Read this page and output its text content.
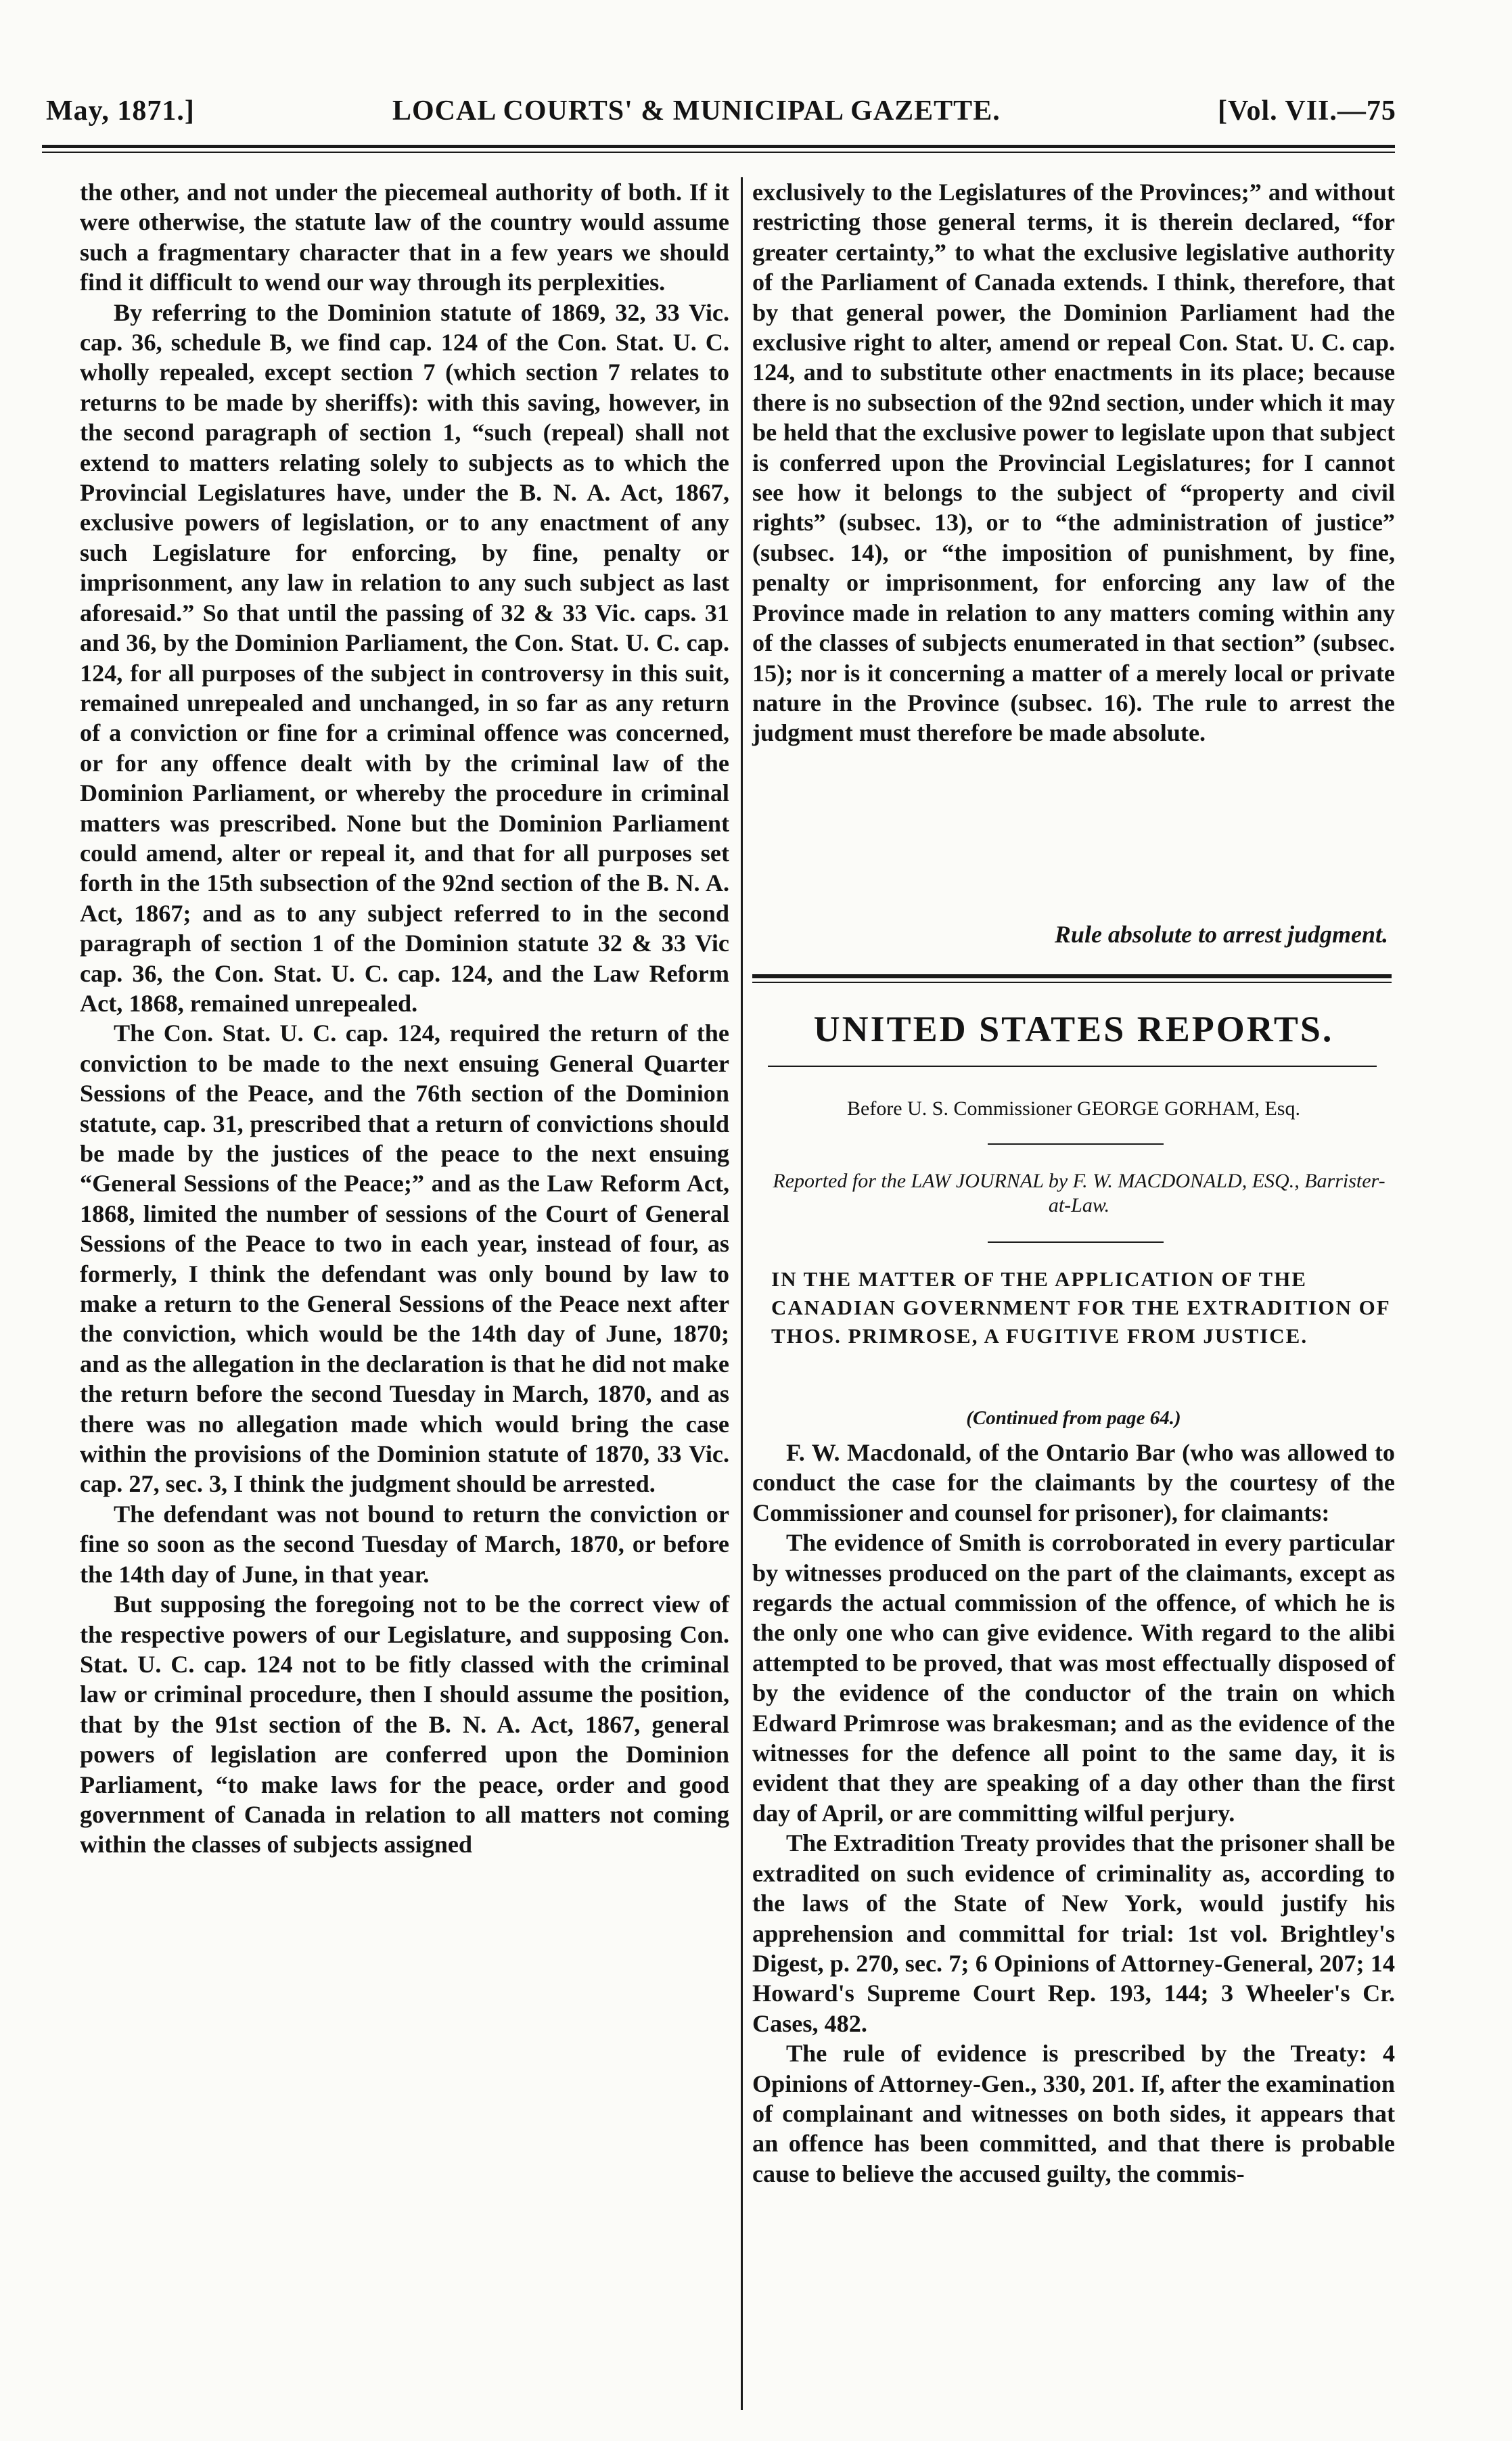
May, 1871.]	LOCAL COURTS' & MUNICIPAL GAZETTE.	[Vol. VII.—75

the other, and not under the piecemeal authority of both. If it were otherwise, the statute law of the country would assume such a fragmentary character that in a few years we should find it difficult to wend our way through its perplexities.

By referring to the Dominion statute of 1869, 32, 33 Vic. cap. 36, schedule B, we find cap. 124 of the Con. Stat. U. C. wholly repealed, except section 7 (which section 7 relates to returns to be made by sheriffs): with this saving, however, in the second paragraph of section 1, “such (repeal) shall not extend to matters relating solely to subjects as to which the Provincial Legislatures have, under the B. N. A. Act, 1867, exclusive powers of legislation, or to any enactment of any such Legislature for enforcing, by fine, penalty or imprisonment, any law in relation to any such subject as last aforesaid.” So that until the passing of 32 & 33 Vic. caps. 31 and 36, by the Dominion Parliament, the Con. Stat. U. C. cap. 124, for all purposes of the subject in controversy in this suit, remained unrepealed and unchanged, in so far as any return of a conviction or fine for a criminal offence was concerned, or for any offence dealt with by the criminal law of the Dominion Parliament, or whereby the procedure in criminal matters was prescribed. None but the Dominion Parliament could amend, alter or repeal it, and that for all purposes set forth in the 15th subsection of the 92nd section of the B. N. A. Act, 1867; and as to any subject referred to in the second paragraph of section 1 of the Dominion statute 32 & 33 Vic cap. 36, the Con. Stat. U. C. cap. 124, and the Law Reform Act, 1868, remained unrepealed.

The Con. Stat. U. C. cap. 124, required the return of the conviction to be made to the next ensuing General Quarter Sessions of the Peace, and the 76th section of the Dominion statute, cap. 31, prescribed that a return of convictions should be made by the justices of the peace to the next ensuing “General Sessions of the Peace;” and as the Law Reform Act, 1868, limited the number of sessions of the Court of General Sessions of the Peace to two in each year, instead of four, as formerly, I think the defendant was only bound by law to make a return to the General Sessions of the Peace next after the conviction, which would be the 14th day of June, 1870; and as the allegation in the declaration is that he did not make the return before the second Tuesday in March, 1870, and as there was no allegation made which would bring the case within the provisions of the Dominion statute of 1870, 33 Vic. cap. 27, sec. 3, I think the judgment should be arrested.

The defendant was not bound to return the conviction or fine so soon as the second Tuesday of March, 1870, or before the 14th day of June, in that year.

But supposing the foregoing not to be the correct view of the respective powers of our Legislature, and supposing Con. Stat. U. C. cap. 124 not to be fitly classed with the criminal law or criminal procedure, then I should assume the position, that by the 91st section of the B. N. A. Act, 1867, general powers of legislation are conferred upon the Dominion Parliament, “to make laws for the peace, order and good government of Canada in relation to all matters not coming within the classes of subjects assigned

exclusively to the Legislatures of the Provinces;” and without restricting those general terms, it is therein declared, “for greater certainty,” to what the exclusive legislative authority of the Parliament of Canada extends. I think, therefore, that by that general power, the Dominion Parliament had the exclusive right to alter, amend or repeal Con. Stat. U. C. cap. 124, and to substitute other enactments in its place; because there is no subsection of the 92nd section, under which it may be held that the exclusive power to legislate upon that subject is conferred upon the Provincial Legislatures; for I cannot see how it belongs to the subject of “property and civil rights” (subsec. 13), or to “the administration of justice” (subsec. 14), or “the imposition of punishment, by fine, penalty or imprisonment, for enforcing any law of the Province made in relation to any matters coming within any of the classes of subjects enumerated in that section” (subsec. 15); nor is it concerning a matter of a merely local or private nature in the Province (subsec. 16). The rule to arrest the judgment must therefore be made absolute.

Rule absolute to arrest judgment.
UNITED STATES REPORTS.
Before U. S. Commissioner GEORGE GORHAM, Esq.
Reported for the LAW JOURNAL by F. W. MACDONALD, ESQ., Barrister-at-Law.
IN THE MATTER OF THE APPLICATION OF THE CANADIAN GOVERNMENT FOR THE EXTRADITION OF THOS. PRIMROSE, A FUGITIVE FROM JUSTICE.
(Continued from page 64.)

F. W. Macdonald, of the Ontario Bar (who was allowed to conduct the case for the claimants by the courtesy of the Commissioner and counsel for prisoner), for claimants:

The evidence of Smith is corroborated in every particular by witnesses produced on the part of the claimants, except as regards the actual commission of the offence, of which he is the only one who can give evidence. With regard to the alibi attempted to be proved, that was most effectually disposed of by the evidence of the conductor of the train on which Edward Primrose was brakesman; and as the evidence of the witnesses for the defence all point to the same day, it is evident that they are speaking of a day other than the first day of April, or are committing wilful perjury.

The Extradition Treaty provides that the prisoner shall be extradited on such evidence of criminality as, according to the laws of the State of New York, would justify his apprehension and committal for trial: 1st vol. Brightley's Digest, p. 270, sec. 7; 6 Opinions of Attorney-General, 207; 14 Howard's Supreme Court Rep. 193, 144; 3 Wheeler's Cr. Cases, 482.

The rule of evidence is prescribed by the Treaty: 4 Opinions of Attorney-Gen., 330, 201. If, after the examination of complainant and witnesses on both sides, it appears that an offence has been committed, and that there is probable cause to believe the accused guilty, the commis-
